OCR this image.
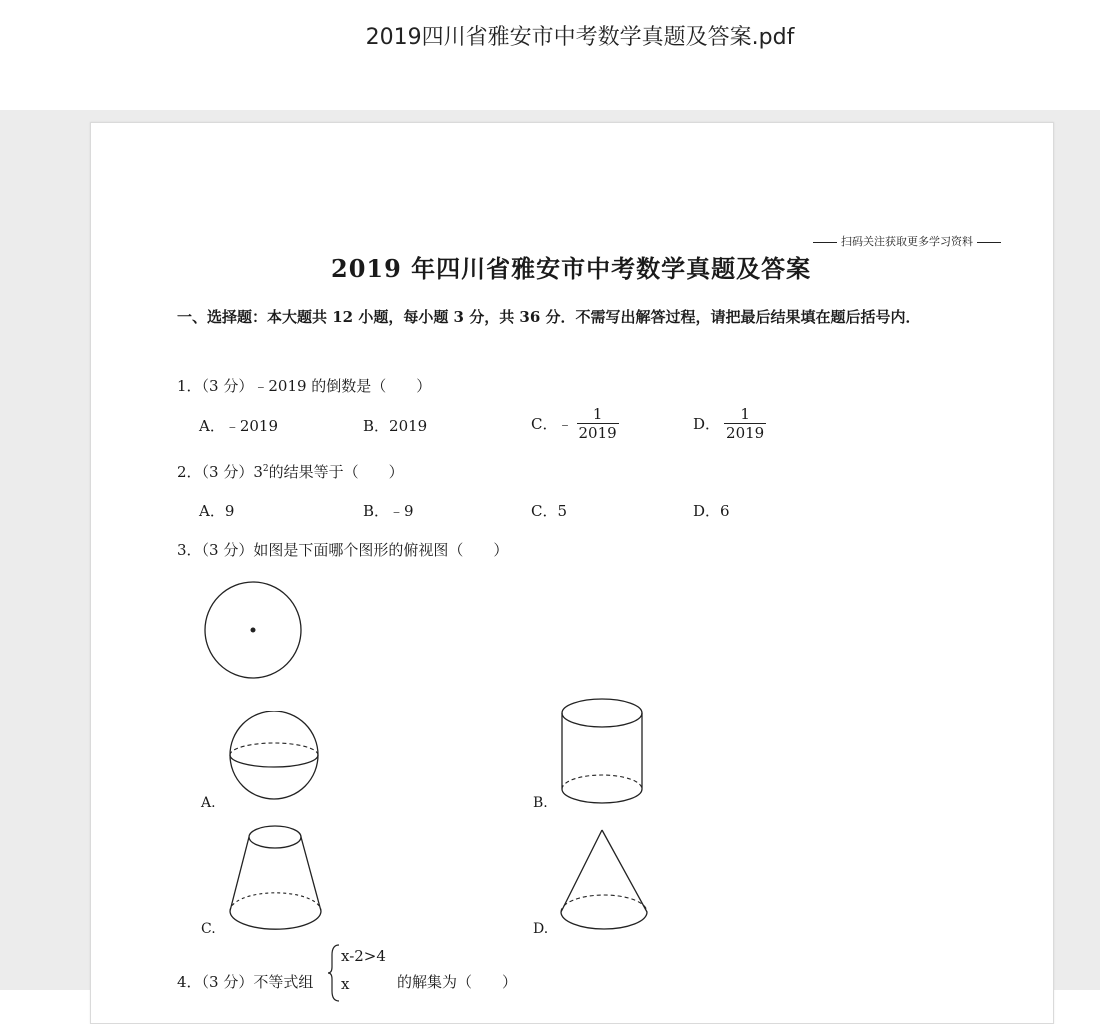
2019四川省雅安市中考数学真题及答案.pdf
扫码关注获取更多学习资料
2019 年四川省雅安市中考数学真题及答案
一、选择题：本大题共 12 小题，每小题 3 分，共 36 分．不需写出解答过程，请把最后结果填在题后括号内．
1．（3 分）﹣2019 的倒数是（　　）
A．﹣2019	B．2019	C．﹣ $\frac{1}{2019}$	D． $\frac{1}{2019}$
2．（3 分）$3^2$的结果等于（　　）
A．9	B．﹣9	C．5	D．6
3．（3 分）如图是下面哪个图形的俯视图（　　）
A.	B.
C.	D.
4．（3 分）不等式组
x-2>4
x	的解集为（　　）
